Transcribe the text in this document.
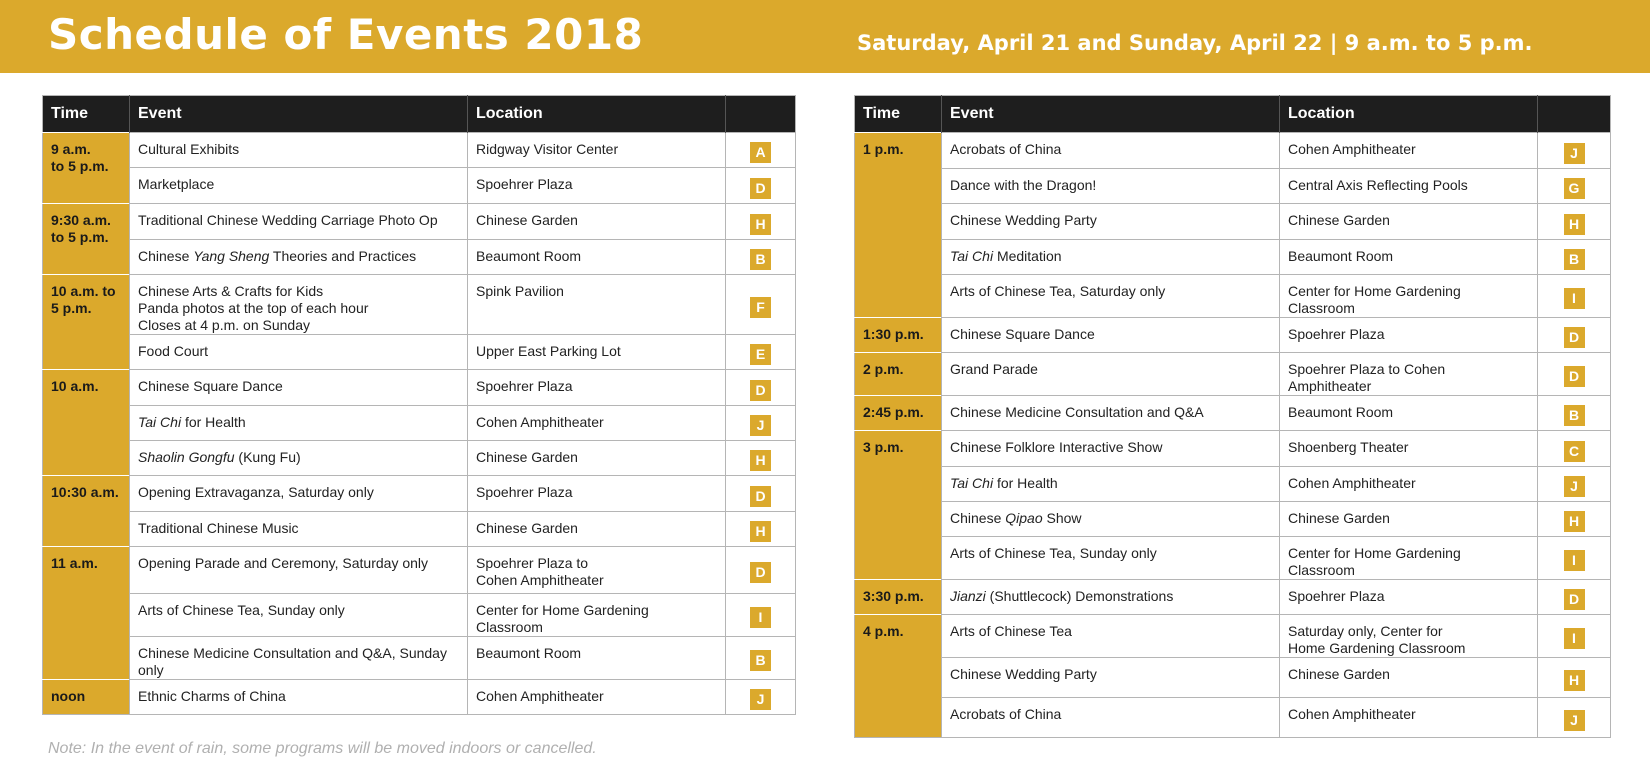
Schedule of Events 2018	Saturday, April 21 and Sunday, April 22 | 9 a.m. to 5 p.m.
Time	Event	Location	
9 a.m.
to 5 p.m.	Cultural Exhibits	Ridgway Visitor Center	A
	Marketplace	Spoehrer Plaza	D
9:30 a.m.
to 5 p.m.	Traditional Chinese Wedding Carriage Photo Op	Chinese Garden	H
	Chinese Yang Sheng Theories and Practices	Beaumont Room	B
10 a.m. to
5 p.m.	Chinese Arts & Crafts for Kids
Panda photos at the top of each hour
Closes at 4 p.m. on Sunday	Spink Pavilion	F
	Food Court	Upper East Parking Lot	E
10 a.m.	Chinese Square Dance	Spoehrer Plaza	D
	Tai Chi for Health	Cohen Amphitheater	J
	Shaolin Gongfu (Kung Fu)	Chinese Garden	H
10:30 a.m.	Opening Extravaganza, Saturday only	Spoehrer Plaza	D
	Traditional Chinese Music	Chinese Garden	H
11 a.m.	Opening Parade and Ceremony, Saturday only	Spoehrer Plaza to
Cohen Amphitheater	D
	Arts of Chinese Tea, Sunday only	Center for Home Gardening Classroom	I
	Chinese Medicine Consultation and Q&A, Sunday only	Beaumont Room	B
noon	Ethnic Charms of China	Cohen Amphitheater	J
Time	Event	Location	
1 p.m.	Acrobats of China	Cohen Amphitheater	J
	Dance with the Dragon!	Central Axis Reflecting Pools	G
	Chinese Wedding Party	Chinese Garden	H
	Tai Chi Meditation	Beaumont Room	B
	Arts of Chinese Tea, Saturday only	Center for Home Gardening Classroom	I
1:30 p.m.	Chinese Square Dance	Spoehrer Plaza	D
2 p.m.	Grand Parade	Spoehrer Plaza to Cohen Amphitheater	D
2:45 p.m.	Chinese Medicine Consultation and Q&A	Beaumont Room	B
3 p.m.	Chinese Folklore Interactive Show	Shoenberg Theater	C
	Tai Chi for Health	Cohen Amphitheater	J
	Chinese Qipao Show	Chinese Garden	H
	Arts of Chinese Tea, Sunday only	Center for Home Gardening Classroom	I
3:30 p.m.	Jianzi (Shuttlecock) Demonstrations	Spoehrer Plaza	D
4 p.m.	Arts of Chinese Tea	Saturday only, Center for
Home Gardening Classroom	I
	Chinese Wedding Party	Chinese Garden	H
	Acrobats of China	Cohen Amphitheater	J
Note: In the event of rain, some programs will be moved indoors or cancelled.
